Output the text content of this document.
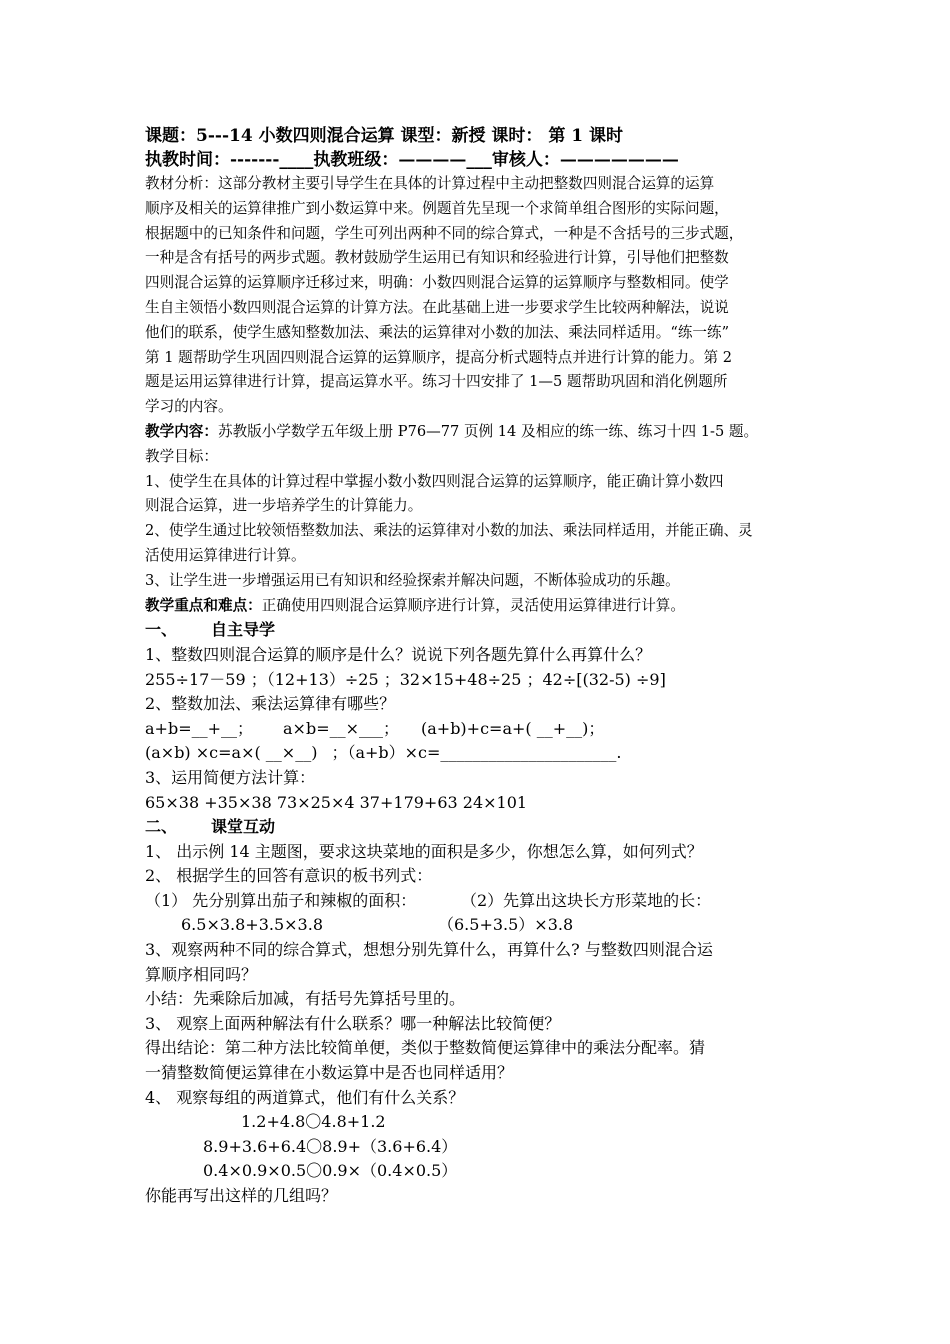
课题：5---14 小数四则混合运算 课型：新授 课时： 第 1 课时

执教时间：-------____执教班级：————___审核人：———————

教材分析：这部分教材主要引导学生在具体的计算过程中主动把整数四则混合运算的运算

顺序及相关的运算律推广到小数运算中来。例题首先呈现一个求简单组合图形的实际问题，

根据题中的已知条件和问题，学生可列出两种不同的综合算式，一种是不含括号的三步式题，

一种是含有括号的两步式题。教材鼓励学生运用已有知识和经验进行计算，引导他们把整数

四则混合运算的运算顺序迁移过来，明确：小数四则混合运算的运算顺序与整数相同。使学

生自主领悟小数四则混合运算的计算方法。在此基础上进一步要求学生比较两种解法，说说

他们的联系，使学生感知整数加法、乘法的运算律对小数的加法、乘法同样适用。“练一练”

第 1 题帮助学生巩固四则混合运算的运算顺序，提高分析式题特点并进行计算的能力。第 2

题是运用运算律进行计算，提高运算水平。练习十四安排了 1—5 题帮助巩固和消化例题所

学习的内容。

教学内容：苏教版小学数学五年级上册 P76—77 页例 14 及相应的练一练、练习十四 1-5 题。

教学目标：

1、使学生在具体的计算过程中掌握小数小数四则混合运算的运算顺序，能正确计算小数四

则混合运算，进一步培养学生的计算能力。

2、使学生通过比较领悟整数加法、乘法的运算律对小数的加法、乘法同样适用，并能正确、灵

活使用运算律进行计算。

3、让学生进一步增强运用已有知识和经验探索并解决问题，不断体验成功的乐趣。

教学重点和难点：正确使用四则混合运算顺序进行计算，灵活使用运算律进行计算。

一、 自主导学

1、整数四则混合运算的顺序是什么？说说下列各题先算什么再算什么？

255÷17－59 ；（12+13）÷25 ；32×15+48÷25 ；42÷[(32-5) ÷9]

2、整数加法、乘法运算律有哪些？

a+b=__+__； a×b=__×___； (a+b)+c=a+( __+__)；

(a×b) ×c=a×( __×__) ；（a+b）×c=______________________.

3、运用简便方法计算：

65×38 +35×38 73×25×4 37+179+63 24×101

二、 课堂互动

1、 出示例 14 主题图，要求这块菜地的面积是多少，你想怎么算，如何列式？

2、 根据学生的回答有意识的板书列式：

（1） 先分别算出茄子和辣椒的面积：	（2）先算出这块长方形菜地的长：

6.5×3.8+3.5×3.8	（6.5+3.5）×3.8

3、观察两种不同的综合算式，想想分别先算什么，再算什么? 与整数四则混合运

算顺序相同吗？

小结：先乘除后加减，有括号先算括号里的。

3、 观察上面两种解法有什么联系？哪一种解法比较简便？

得出结论：第二种方法比较简单便，类似于整数简便运算律中的乘法分配率。猜

一猜整数简便运算律在小数运算中是否也同样适用？

4、 观察每组的两道算式，他们有什么关系？

1.2+4.8〇4.8+1.2

8.9+3.6+6.4〇8.9+（3.6+6.4）

0.4×0.9×0.5〇0.9×（0.4×0.5）

你能再写出这样的几组吗？
